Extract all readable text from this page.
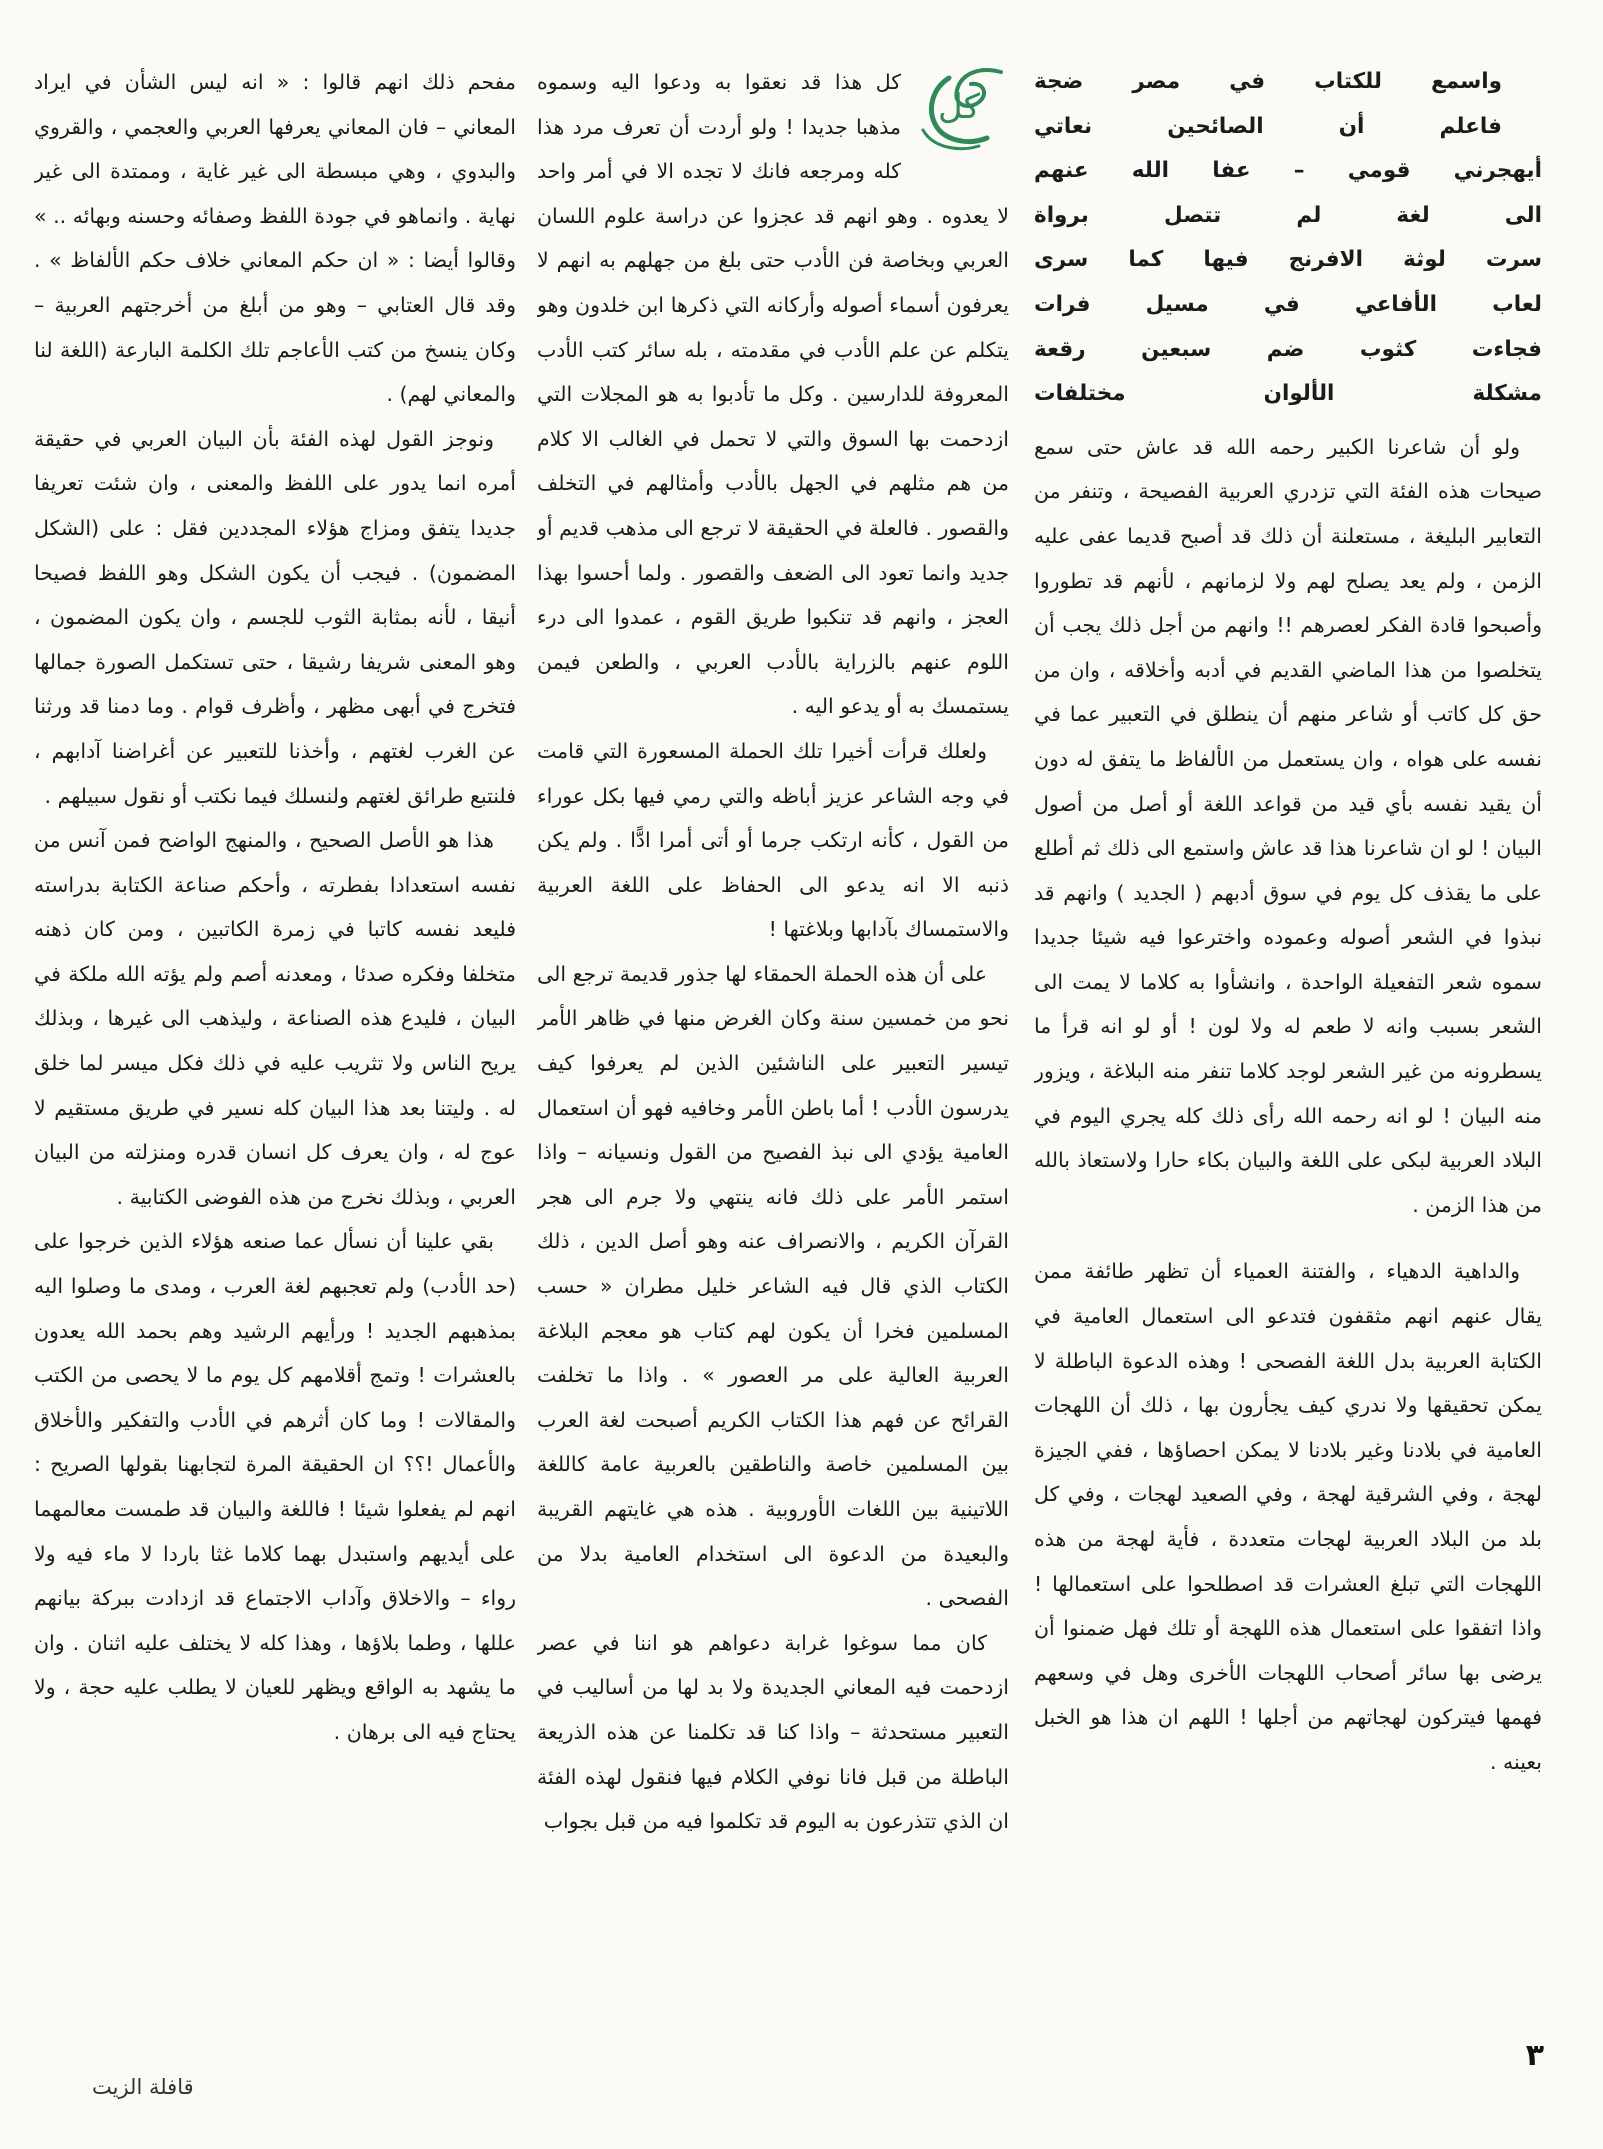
واسمع للكتاب في مصر ضجة
فاعلم أن الصائحين نعاتي
أيهجرني قومي – عفا الله عنهم
الى لغة لم تتصل برواة
سرت لوثة الافرنج فيها كما سرى
لعاب الأفاعي في مسيل فرات
فجاءت كثوب ضم سبعين رقعة
مشكلة الألوان مختلفات

ولو أن شاعرنا الكبير رحمه الله قد عاش حتى سمع صيحات هذه الفئة التي تزدري العربية الفصيحة ، وتنفر من التعابير البليغة ، مستعلنة أن ذلك قد أصبح قديما عفى عليه الزمن ، ولم يعد يصلح لهم ولا لزمانهم ، لأنهم قد تطوروا وأصبحوا قادة الفكر لعصرهم !! وانهم من أجل ذلك يجب أن يتخلصوا من هذا الماضي القديم في أدبه وأخلاقه ، وان من حق كل كاتب أو شاعر منهم أن ينطلق في التعبير عما في نفسه على هواه ، وان يستعمل من الألفاظ ما يتفق له دون أن يقيد نفسه بأي قيد من قواعد اللغة أو أصل من أصول البيان ! لو ان شاعرنا هذا قد عاش واستمع الى ذلك ثم أطلع على ما يقذف كل يوم في سوق أدبهم ( الجديد ) وانهم قد نبذوا في الشعر أصوله وعموده واخترعوا فيه شيئا جديدا سموه شعر التفعيلة الواحدة ، وانشأوا به كلاما لا يمت الى الشعر بسبب وانه لا طعم له ولا لون ! أو لو انه قرأ ما يسطرونه من غير الشعر لوجد كلاما تنفر منه البلاغة ، ويزور منه البيان ! لو انه رحمه الله رأى ذلك كله يجري اليوم في البلاد العربية لبكى على اللغة والبيان بكاء حارا ولاستعاذ بالله من هذا الزمن .

والداهية الدهياء ، والفتنة العمياء أن تظهر طائفة ممن يقال عنهم انهم مثقفون فتدعو الى استعمال العامية في الكتابة العربية بدل اللغة الفصحى ! وهذه الدعوة الباطلة لا يمكن تحقيقها ولا ندري كيف يجأرون بها ، ذلك أن اللهجات العامية في بلادنا وغير بلادنا لا يمكن احصاؤها ، ففي الجيزة لهجة ، وفي الشرقية لهجة ، وفي الصعيد لهجات ، وفي كل بلد من البلاد العربية لهجات متعددة ، فأية لهجة من هذه اللهجات التي تبلغ العشرات قد اصطلحوا على استعمالها ! واذا اتفقوا على استعمال هذه اللهجة أو تلك فهل ضمنوا أن يرضى بها سائر أصحاب اللهجات الأخرى وهل في وسعهم فهمها فيتركون لهجاتهم من أجلها ! اللهم ان هذا هو الخبل بعينه .

كل

كل هذا قد نعقوا به ودعوا اليه وسموه مذهبا جديدا ! ولو أردت أن تعرف مرد هذا كله ومرجعه فانك لا تجده الا في أمر واحد لا يعدوه . وهو انهم قد عجزوا عن دراسة علوم اللسان العربي وبخاصة فن الأدب حتى بلغ من جهلهم به انهم لا يعرفون أسماء أصوله وأركانه التي ذكرها ابن خلدون وهو يتكلم عن علم الأدب في مقدمته ، بله سائر كتب الأدب المعروفة للدارسين . وكل ما تأدبوا به هو المجلات التي ازدحمت بها السوق والتي لا تحمل في الغالب الا كلام من هم مثلهم في الجهل بالأدب وأمثالهم في التخلف والقصور . فالعلة في الحقيقة لا ترجع الى مذهب قديم أو جديد وانما تعود الى الضعف والقصور . ولما أحسوا بهذا العجز ، وانهم قد تنكبوا طريق القوم ، عمدوا الى درء اللوم عنهم بالزراية بالأدب العربي ، والطعن فيمن يستمسك به أو يدعو اليه .

ولعلك قرأت أخيرا تلك الحملة المسعورة التي قامت في وجه الشاعر عزيز أباظه والتي رمي فيها بكل عوراء من القول ، كأنه ارتكب جرما أو أتى أمرا ادًّا . ولم يكن ذنبه الا انه يدعو الى الحفاظ على اللغة العربية والاستمساك بآدابها وبلاغتها !

على أن هذه الحملة الحمقاء لها جذور قديمة ترجع الى نحو من خمسين سنة وكان الغرض منها في ظاهر الأمر تيسير التعبير على الناشئين الذين لم يعرفوا كيف يدرسون الأدب ! أما باطن الأمر وخافيه فهو أن استعمال العامية يؤدي الى نبذ الفصيح من القول ونسيانه – واذا استمر الأمر على ذلك فانه ينتهي ولا جرم الى هجر القرآن الكريم ، والانصراف عنه وهو أصل الدين ، ذلك الكتاب الذي قال فيه الشاعر خليل مطران « حسب المسلمين فخرا أن يكون لهم كتاب هو معجم البلاغة العربية العالية على مر العصور » . واذا ما تخلفت القرائح عن فهم هذا الكتاب الكريم أصبحت لغة العرب بين المسلمين خاصة والناطقين بالعربية عامة كاللغة اللاتينية بين اللغات الأوروبية . هذه هي غايتهم القريبة والبعيدة من الدعوة الى استخدام العامية بدلا من الفصحى .

كان مما سوغوا غرابة دعواهم هو اننا في عصر ازدحمت فيه المعاني الجديدة ولا بد لها من أساليب في التعبير مستحدثة – واذا كنا قد تكلمنا عن هذه الذريعة الباطلة من قبل فانا نوفي الكلام فيها فنقول لهذه الفئة ان الذي تتذرعون به اليوم قد تكلموا فيه من قبل بجواب

مفحم ذلك انهم قالوا : « انه ليس الشأن في ايراد المعاني – فان المعاني يعرفها العربي والعجمي ، والقروي والبدوي ، وهي مبسطة الى غير غاية ، وممتدة الى غير نهاية . وانماهو في جودة اللفظ وصفائه وحسنه وبهائه .. » وقالوا أيضا : « ان حكم المعاني خلاف حكم الألفاظ » . وقد قال العتابي – وهو من أبلغ من أخرجتهم العربية – وكان ينسخ من كتب الأعاجم تلك الكلمة البارعة (اللغة لنا والمعاني لهم) .

ونوجز القول لهذه الفئة بأن البيان العربي في حقيقة أمره انما يدور على اللفظ والمعنى ، وان شئت تعريفا جديدا يتفق ومزاج هؤلاء المجددين فقل : على (الشكل المضمون) . فيجب أن يكون الشكل وهو اللفظ فصيحا أنيقا ، لأنه بمثابة الثوب للجسم ، وان يكون المضمون ، وهو المعنى شريفا رشيقا ، حتى تستكمل الصورة جمالها فتخرج في أبهى مظهر ، وأظرف قوام . وما دمنا قد ورثنا عن الغرب لغتهم ، وأخذنا للتعبير عن أغراضنا آدابهم ، فلنتبع طرائق لغتهم ولنسلك فيما نكتب أو نقول سبيلهم .

هذا هو الأصل الصحيح ، والمنهج الواضح فمن آنس من نفسه استعدادا بفطرته ، وأحكم صناعة الكتابة بدراسته فليعد نفسه كاتبا في زمرة الكاتبين ، ومن كان ذهنه متخلفا وفكره صدئا ، ومعدنه أصم ولم يؤته الله ملكة في البيان ، فليدع هذه الصناعة ، وليذهب الى غيرها ، وبذلك يريح الناس ولا تثريب عليه في ذلك فكل ميسر لما خلق له . وليتنا بعد هذا البيان كله نسير في طريق مستقيم لا عوج له ، وان يعرف كل انسان قدره ومنزلته من البيان العربي ، وبذلك نخرج من هذه الفوضى الكتابية .

بقي علينا أن نسأل عما صنعه هؤلاء الذين خرجوا على (حد الأدب) ولم تعجبهم لغة العرب ، ومدى ما وصلوا اليه بمذهبهم الجديد ! ورأيهم الرشيد وهم بحمد الله يعدون بالعشرات ! وتمج أقلامهم كل يوم ما لا يحصى من الكتب والمقالات ! وما كان أثرهم في الأدب والتفكير والأخلاق والأعمال !؟؟ ان الحقيقة المرة لتجابهنا بقولها الصريح : انهم لم يفعلوا شيئا ! فاللغة والبيان قد طمست معالمهما على أيديهم واستبدل بهما كلاما غثا باردا لا ماء فيه ولا رواء – والاخلاق وآداب الاجتماع قد ازدادت ببركة بيانهم عللها ، وطما بلاؤها ، وهذا كله لا يختلف عليه اثنان . وان ما يشهد به الواقع ويظهر للعيان لا يطلب عليه حجة ، ولا يحتاج فيه الى برهان .

٣
قافلة الزيت
